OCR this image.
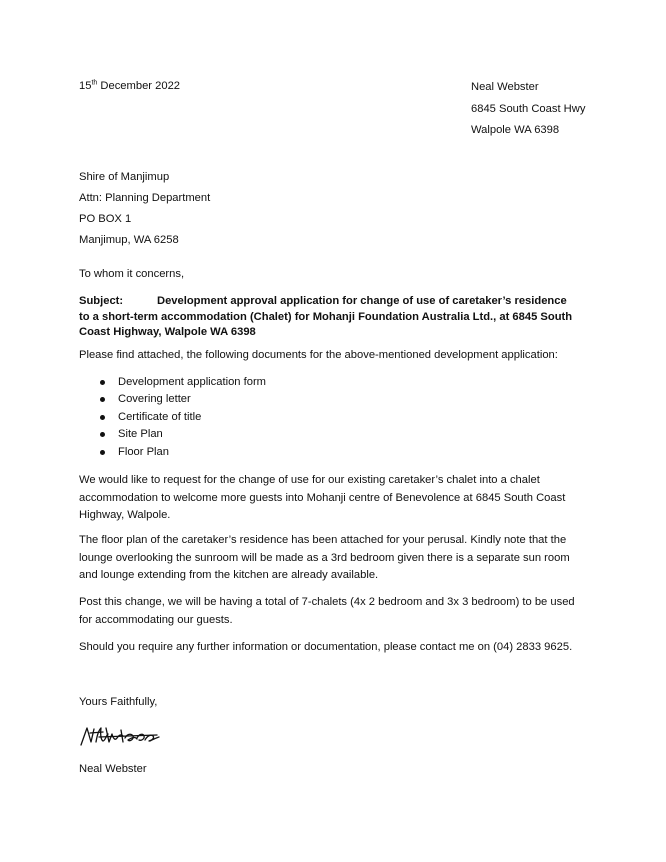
15th December 2022	Neal Webster
6845 South Coast Hwy
Walpole WA 6398
Shire of Manjimup
Attn: Planning Department
PO BOX 1
Manjimup, WA 6258
To whom it concerns,
Subject:	Development approval application for change of use of caretaker’s residence to a short-term accommodation (Chalet) for Mohanji Foundation Australia Ltd., at 6845 South Coast Highway, Walpole WA 6398
Please find attached, the following documents for the above-mentioned development application:
Development application form
Covering letter
Certificate of title
Site Plan
Floor Plan
We would like to request for the change of use for our existing caretaker’s chalet into a chalet accommodation to welcome more guests into Mohanji centre of Benevolence at 6845 South Coast Highway, Walpole.
The floor plan of the caretaker’s residence has been attached for your perusal. Kindly note that the lounge overlooking the sunroom will be made as a 3rd bedroom given there is a separate sun room and lounge extending from the kitchen are already available.
Post this change, we will be having a total of 7-chalets (4x 2 bedroom and 3x 3 bedroom) to be used for accommodating our guests.
Should you require any further information or documentation, please contact me on (04) 2833 9625.
Yours Faithfully,
Neal Webster
